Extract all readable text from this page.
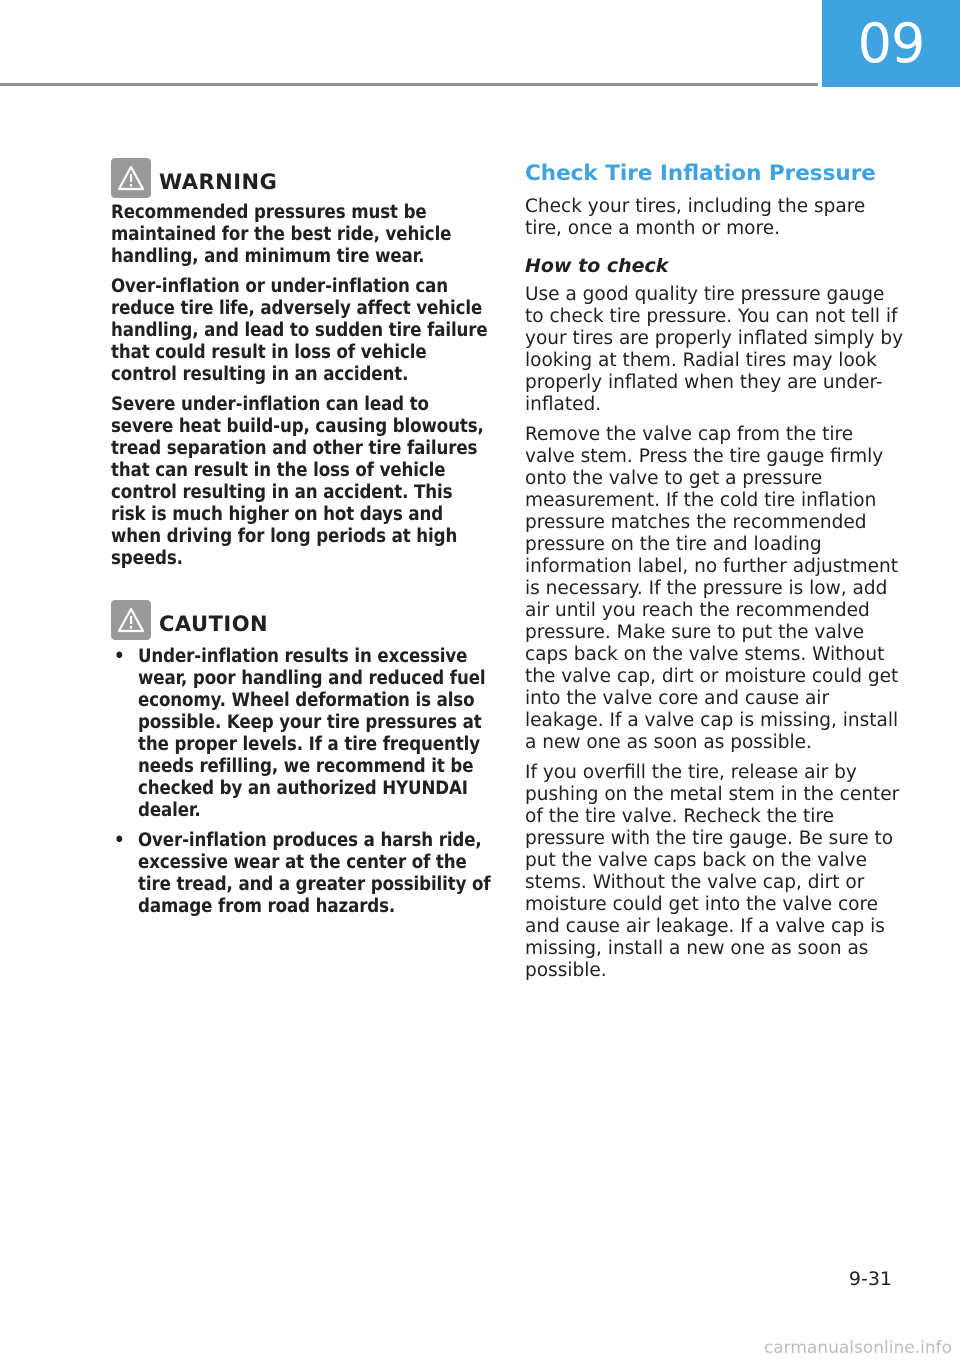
09
WARNING

Recommended pressures must be maintained for the best ride, vehicle handling, and minimum tire wear.

Over-inflation or under-inflation can reduce tire life, adversely affect vehicle handling, and lead to sudden tire failure that could result in loss of vehicle control resulting in an accident.

Severe under-inflation can lead to severe heat build-up, causing blowouts, tread separation and other tire failures that can result in the loss of vehicle control resulting in an accident. This risk is much higher on hot days and when driving for long periods at high speeds.

CAUTION
• Under-inflation results in excessive wear, poor handling and reduced fuel economy. Wheel deformation is also possible. Keep your tire pressures at the proper levels. If a tire frequently needs refilling, we recommend it be checked by an authorized HYUNDAI dealer.
• Over-inflation produces a harsh ride, excessive wear at the center of the tire tread, and a greater possibility of damage from road hazards.
Check Tire Inflation Pressure

Check your tires, including the spare tire, once a month or more.

How to check

Use a good quality tire pressure gauge to check tire pressure. You can not tell if your tires are properly inflated simply by looking at them. Radial tires may look properly inflated when they are under-inflated.

Remove the valve cap from the tire valve stem. Press the tire gauge firmly onto the valve to get a pressure measurement. If the cold tire inflation pressure matches the recommended pressure on the tire and loading information label, no further adjustment is necessary. If the pressure is low, add air until you reach the recommended pressure. Make sure to put the valve caps back on the valve stems. Without the valve cap, dirt or moisture could get into the valve core and cause air leakage. If a valve cap is missing, install a new one as soon as possible.

If you overfill the tire, release air by pushing on the metal stem in the center of the tire valve. Recheck the tire pressure with the tire gauge. Be sure to put the valve caps back on the valve stems. Without the valve cap, dirt or moisture could get into the valve core and cause air leakage. If a valve cap is missing, install a new one as soon as possible.

9-31
carmanualsonline.info
